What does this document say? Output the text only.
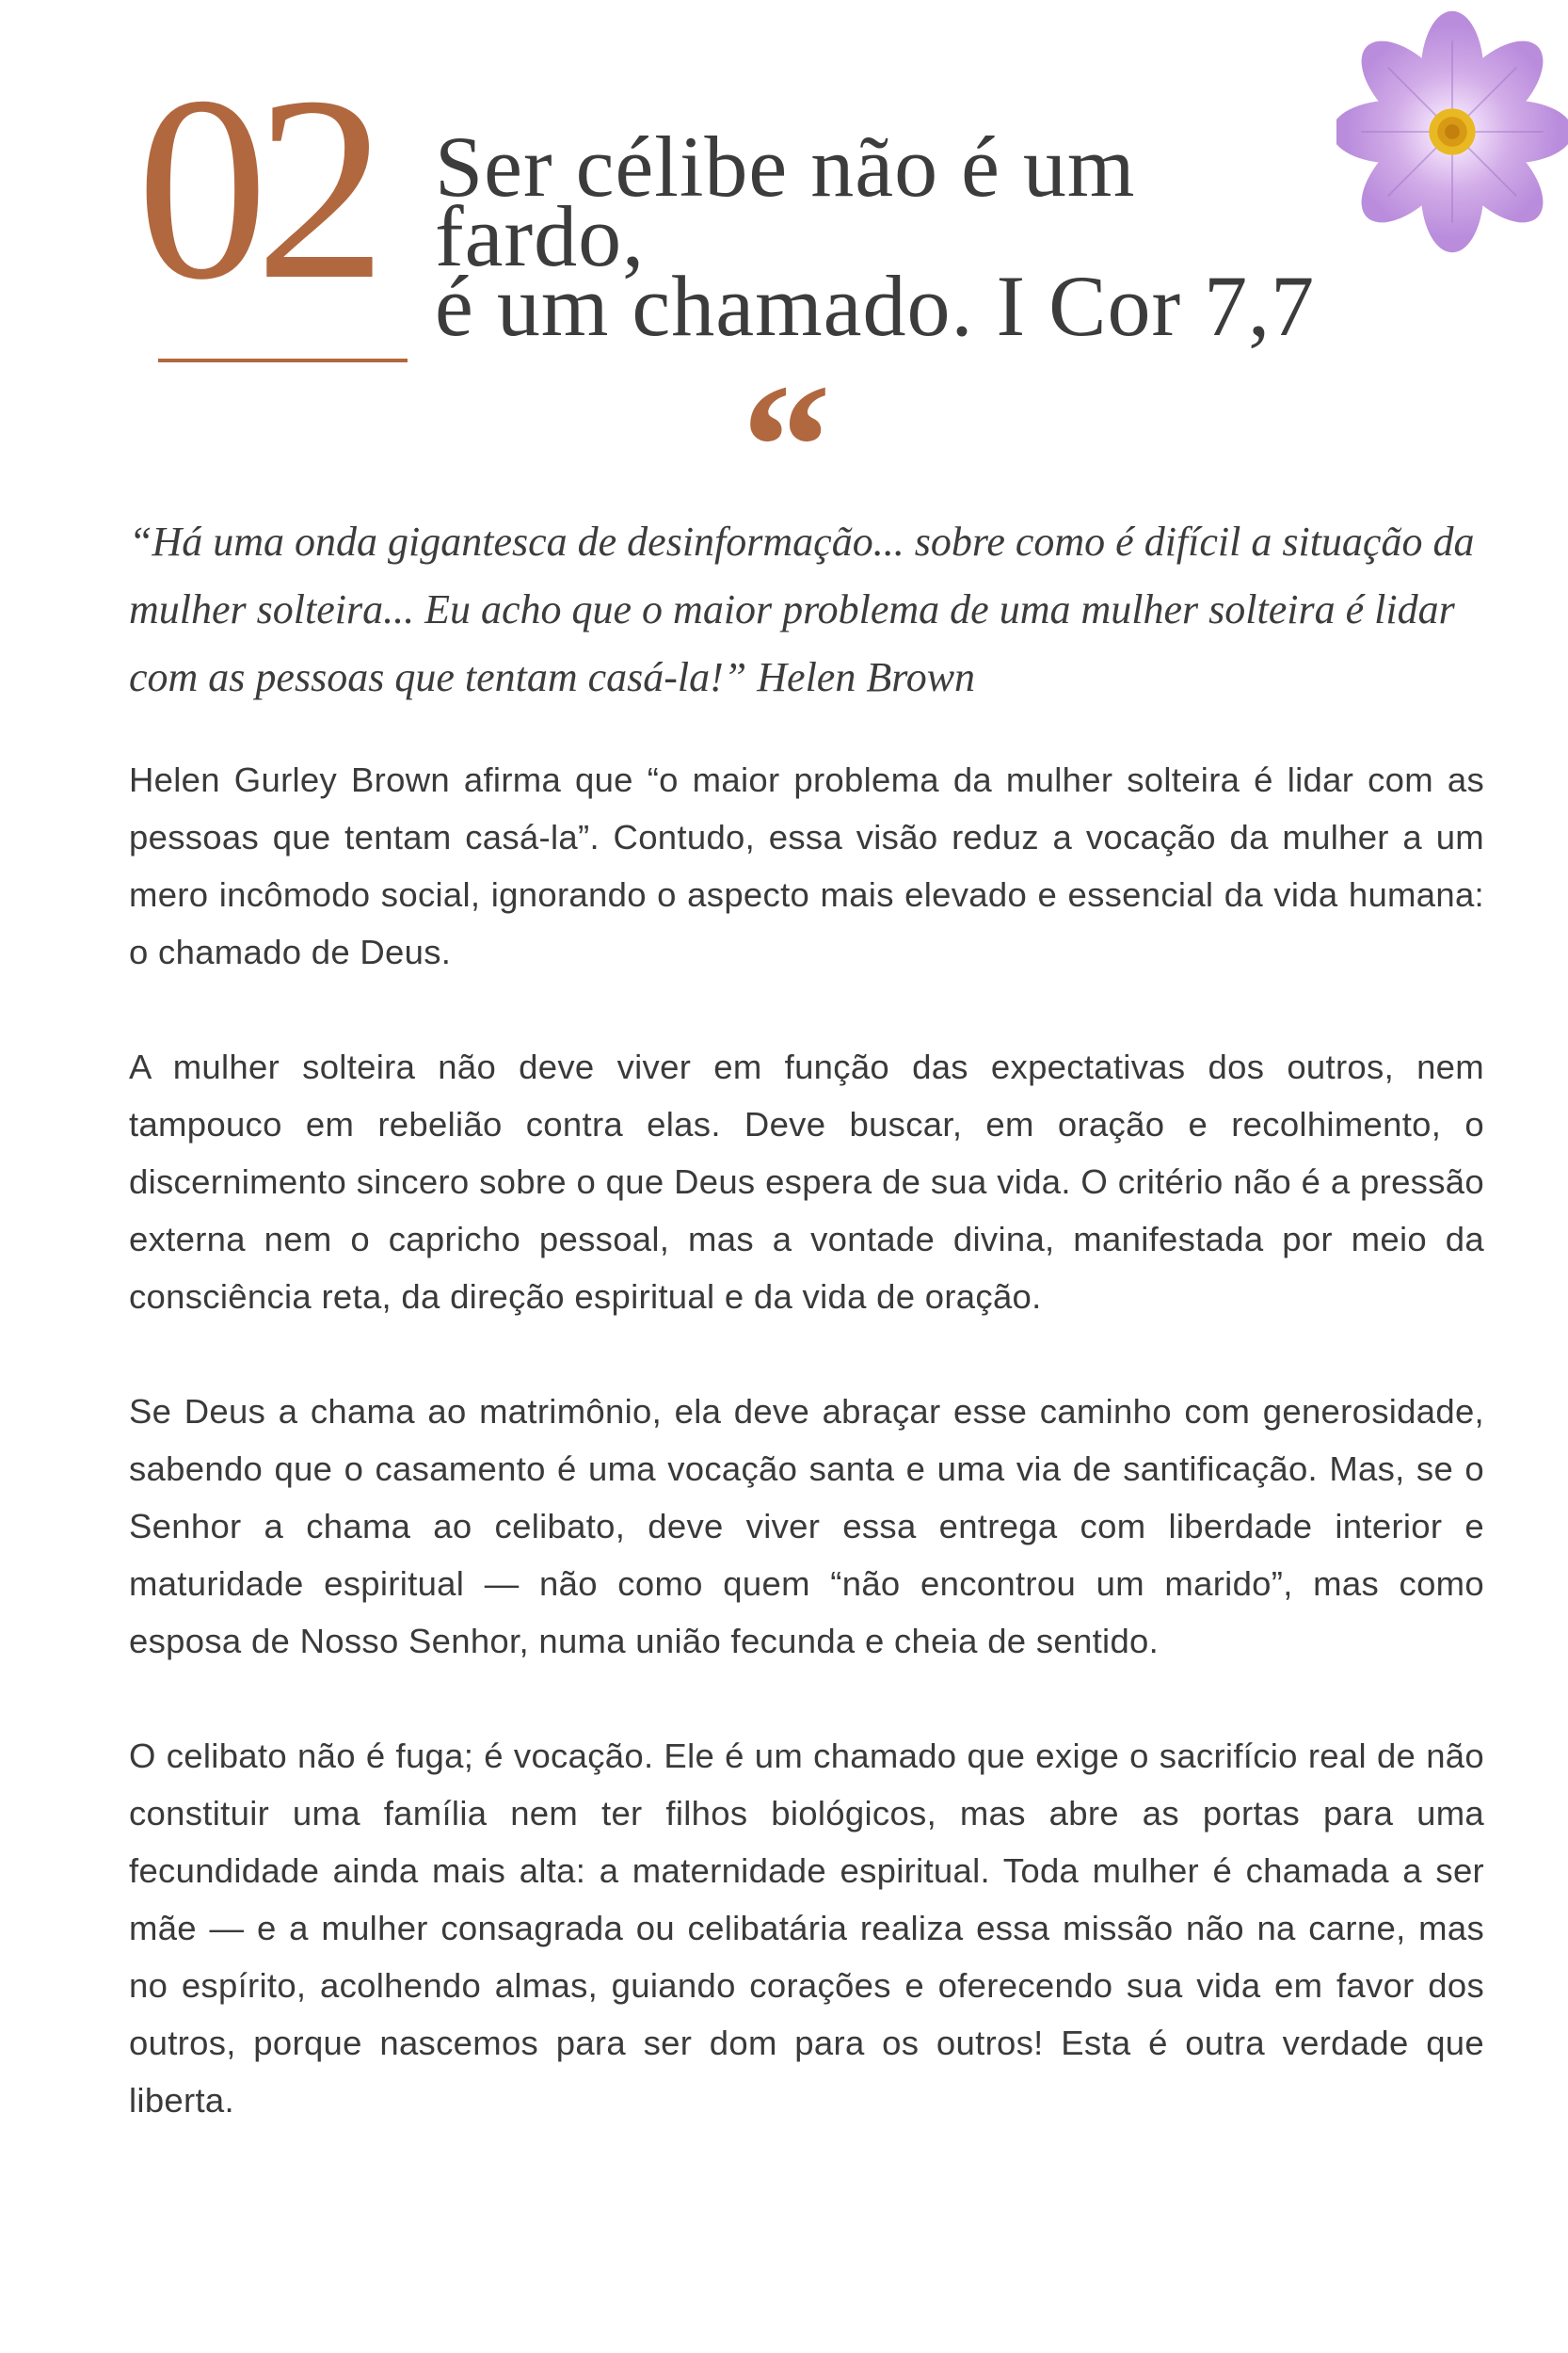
02 Ser célibe não é um fardo,
é um chamado. I Cor 7,7
“

“Há uma onda gigantesca de desinformação... sobre como é difícil a situação da mulher solteira... Eu acho que o maior problema de uma mulher solteira é lidar com as pessoas que tentam casá-la!” Helen Brown

Helen Gurley Brown afirma que “o maior problema da mulher solteira é lidar com as pessoas que tentam casá-la”. Contudo, essa visão reduz a vocação da mulher a um mero incômodo social, ignorando o aspecto mais elevado e essencial da vida humana: o chamado de Deus.

A mulher solteira não deve viver em função das expectativas dos outros, nem tampouco em rebelião contra elas. Deve buscar, em oração e recolhimento, o discernimento sincero sobre o que Deus espera de sua vida. O critério não é a pressão externa nem o capricho pessoal, mas a vontade divina, manifestada por meio da consciência reta, da direção espiritual e da vida de oração.

Se Deus a chama ao matrimônio, ela deve abraçar esse caminho com generosidade, sabendo que o casamento é uma vocação santa e uma via de santificação. Mas, se o Senhor a chama ao celibato, deve viver essa entrega com liberdade interior e maturidade espiritual — não como quem “não encontrou um marido”, mas como esposa de Nosso Senhor, numa união fecunda e cheia de sentido.

O celibato não é fuga; é vocação. Ele é um chamado que exige o sacrifício real de não constituir uma família nem ter filhos biológicos, mas abre as portas para uma fecundidade ainda mais alta: a maternidade espiritual. Toda mulher é chamada a ser mãe — e a mulher consagrada ou celibatária realiza essa missão não na carne, mas no espírito, acolhendo almas, guiando corações e oferecendo sua vida em favor dos outros, porque nascemos para ser dom para os outros! Esta é outra verdade que liberta.
